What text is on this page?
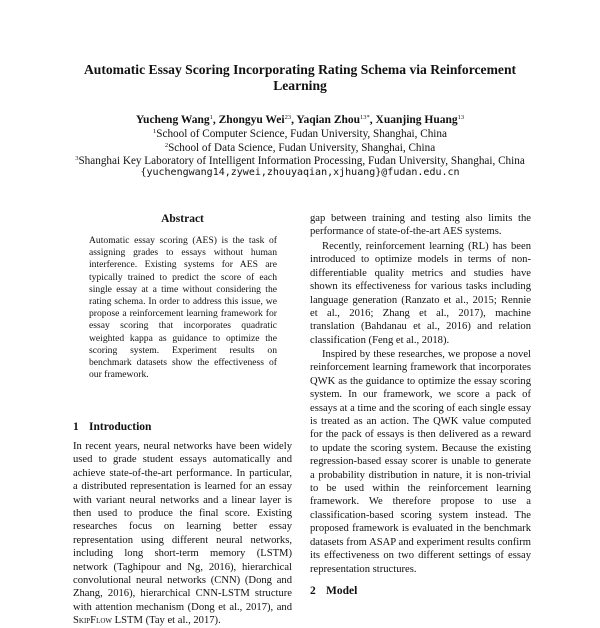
Automatic Essay Scoring Incorporating Rating Schema via Reinforcement Learning
Yucheng Wang$^1$, Zhongyu Wei$^{23}$, Yaqian Zhou$^{13*}$, Xuanjing Huang$^{13}$
$^1$School of Computer Science, Fudan University, Shanghai, China
$^2$School of Data Science, Fudan University, Shanghai, China
$^3$Shanghai Key Laboratory of Intelligent Information Processing, Fudan University, Shanghai, China
{yuchengwang14,zywei,zhouyaqian,xjhuang}@fudan.edu.cn
Abstract
Automatic essay scoring (AES) is the task of assigning grades to essays without human interference. Existing systems for AES are typically trained to predict the score of each single essay at a time without considering the rating schema. In order to address this issue, we propose a reinforcement learning framework for essay scoring that incorporates quadratic weighted kappa as guidance to optimize the scoring system. Experiment results on benchmark datasets show the effectiveness of our framework.
1 Introduction
In recent years, neural networks have been widely used to grade student essays automatically and achieve state-of-the-art performance. In particular, a distributed representation is learned for an essay with variant neural networks and a linear layer is then used to produce the final score. Existing researches focus on learning better essay representation using different neural networks, including long short-term memory (LSTM) network (Taghipour and Ng, 2016), hierarchical convolutional neural networks (CNN) (Dong and Zhang, 2016), hierarchical CNN-LSTM structure with attention mechanism (Dong et al., 2017), and SkipFlow LSTM (Tay et al., 2017).
gap between training and testing also limits the performance of state-of-the-art AES systems.
Recently, reinforcement learning (RL) has been introduced to optimize models in terms of non-differentiable quality metrics and studies have shown its effectiveness for various tasks including language generation (Ranzato et al., 2015; Rennie et al., 2016; Zhang et al., 2017), machine translation (Bahdanau et al., 2016) and relation classification (Feng et al., 2018).
Inspired by these researches, we propose a novel reinforcement learning framework that incorporates QWK as the guidance to optimize the essay scoring system. In our framework, we score a pack of essays at a time and the scoring of each single essay is treated as an action. The QWK value computed for the pack of essays is then delivered as a reward to update the scoring system. Because the existing regression-based essay scorer is unable to generate a probability distribution in nature, it is non-trivial to be used within the reinforcement learning framework. We therefore propose to use a classification-based scoring system instead. The proposed framework is evaluated in the benchmark datasets from ASAP and experiment results confirm its effectiveness on two different settings of essay representation structures.
2 Model
